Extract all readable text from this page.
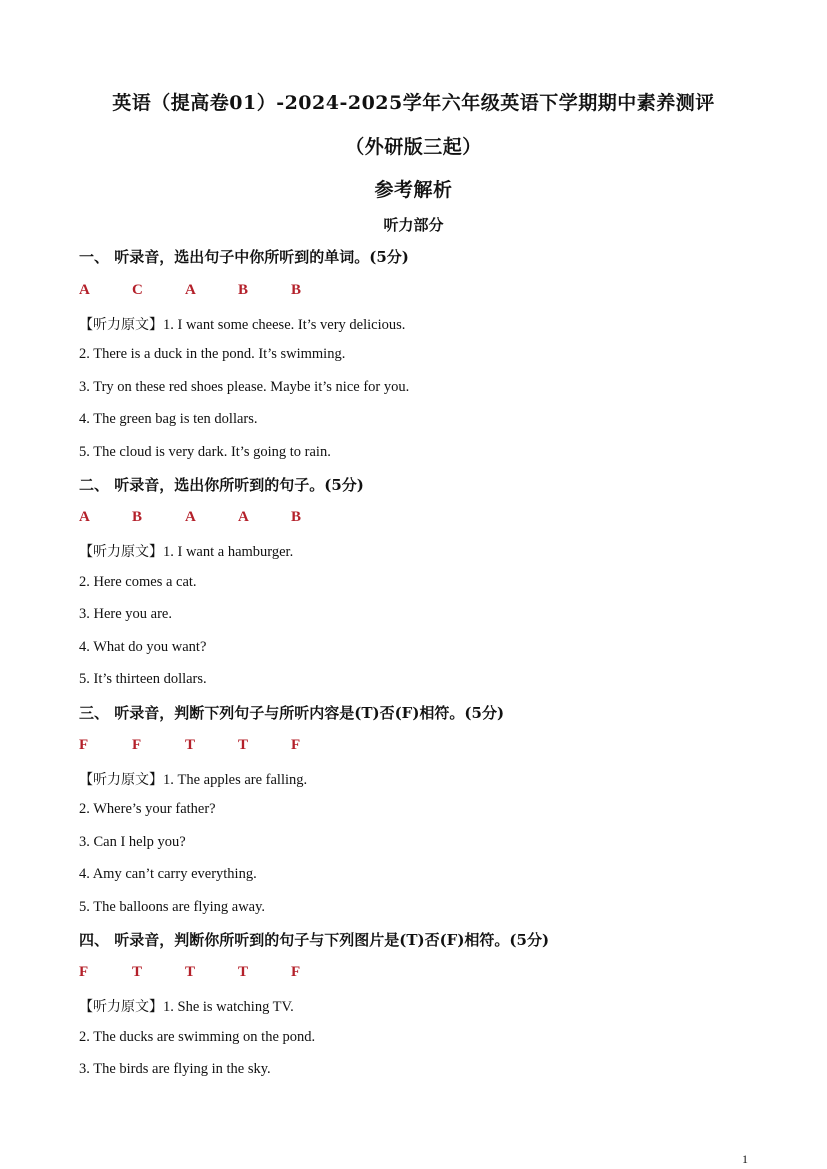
英语（提高卷01）-2024-2025学年六年级英语下学期期中素养测评
（外研版三起）
参考解析
听力部分
一、 听录音，选出句子中你所听到的单词。(5分)
A	C	A	B	B
【听力原文】1. I want some cheese. It’s very delicious.
2. There is a duck in the pond. It’s swimming.
3. Try on these red shoes please. Maybe it’s nice for you.
4. The green bag is ten dollars.
5. The cloud is very dark. It’s going to rain.
二、 听录音，选出你所听到的句子。(5分)
A	B	A	A	B
【听力原文】1. I want a hamburger.
2. Here comes a cat.
3. Here you are.
4. What do you want?
5. It’s thirteen dollars.
三、 听录音，判断下列句子与所听内容是(T)否(F)相符。(5分)
F	F	T	T	F
【听力原文】1. The apples are falling.
2. Where’s your father?
3. Can I help you?
4. Amy can’t carry everything.
5. The balloons are flying away.
四、 听录音，判断你所听到的句子与下列图片是(T)否(F)相符。(5分)
F	T	T	T	F
【听力原文】1. She is watching TV.
2. The ducks are swimming on the pond.
3. The birds are flying in the sky.
1
